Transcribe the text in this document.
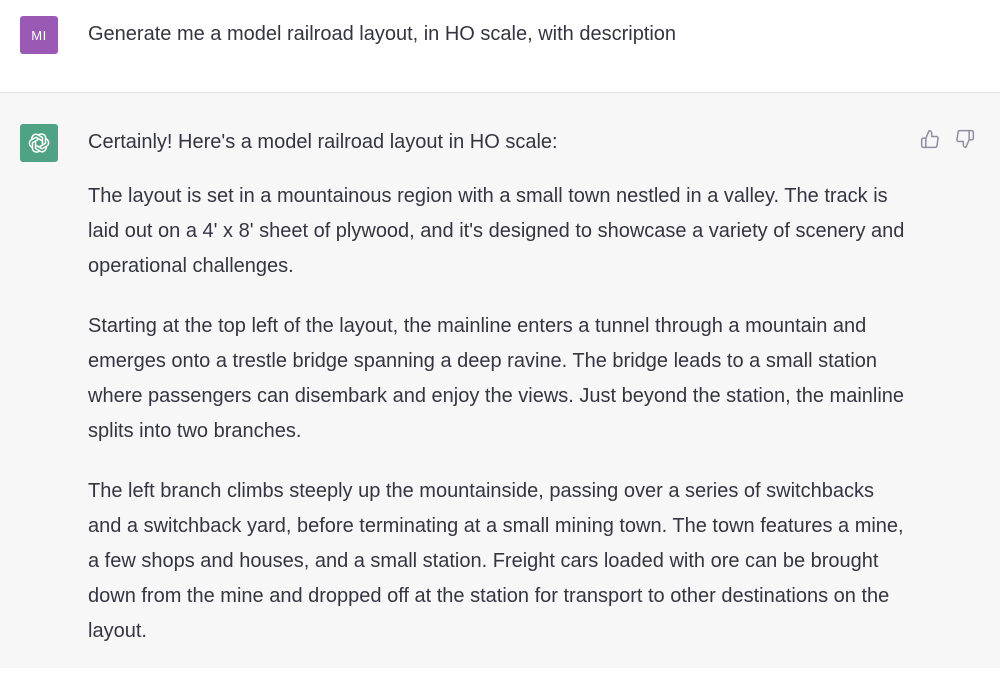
MI Generate me a model railroad layout, in HO scale, with description

Certainly! Here's a model railroad layout in HO scale:

The layout is set in a mountainous region with a small town nestled in a valley. The track is laid out on a 4' x 8' sheet of plywood, and it's designed to showcase a variety of scenery and operational challenges.

Starting at the top left of the layout, the mainline enters a tunnel through a mountain and emerges onto a trestle bridge spanning a deep ravine. The bridge leads to a small station where passengers can disembark and enjoy the views. Just beyond the station, the mainline splits into two branches.

The left branch climbs steeply up the mountainside, passing over a series of switchbacks and a switchback yard, before terminating at a small mining town. The town features a mine, a few shops and houses, and a small station. Freight cars loaded with ore can be brought down from the mine and dropped off at the station for transport to other destinations on the layout.
